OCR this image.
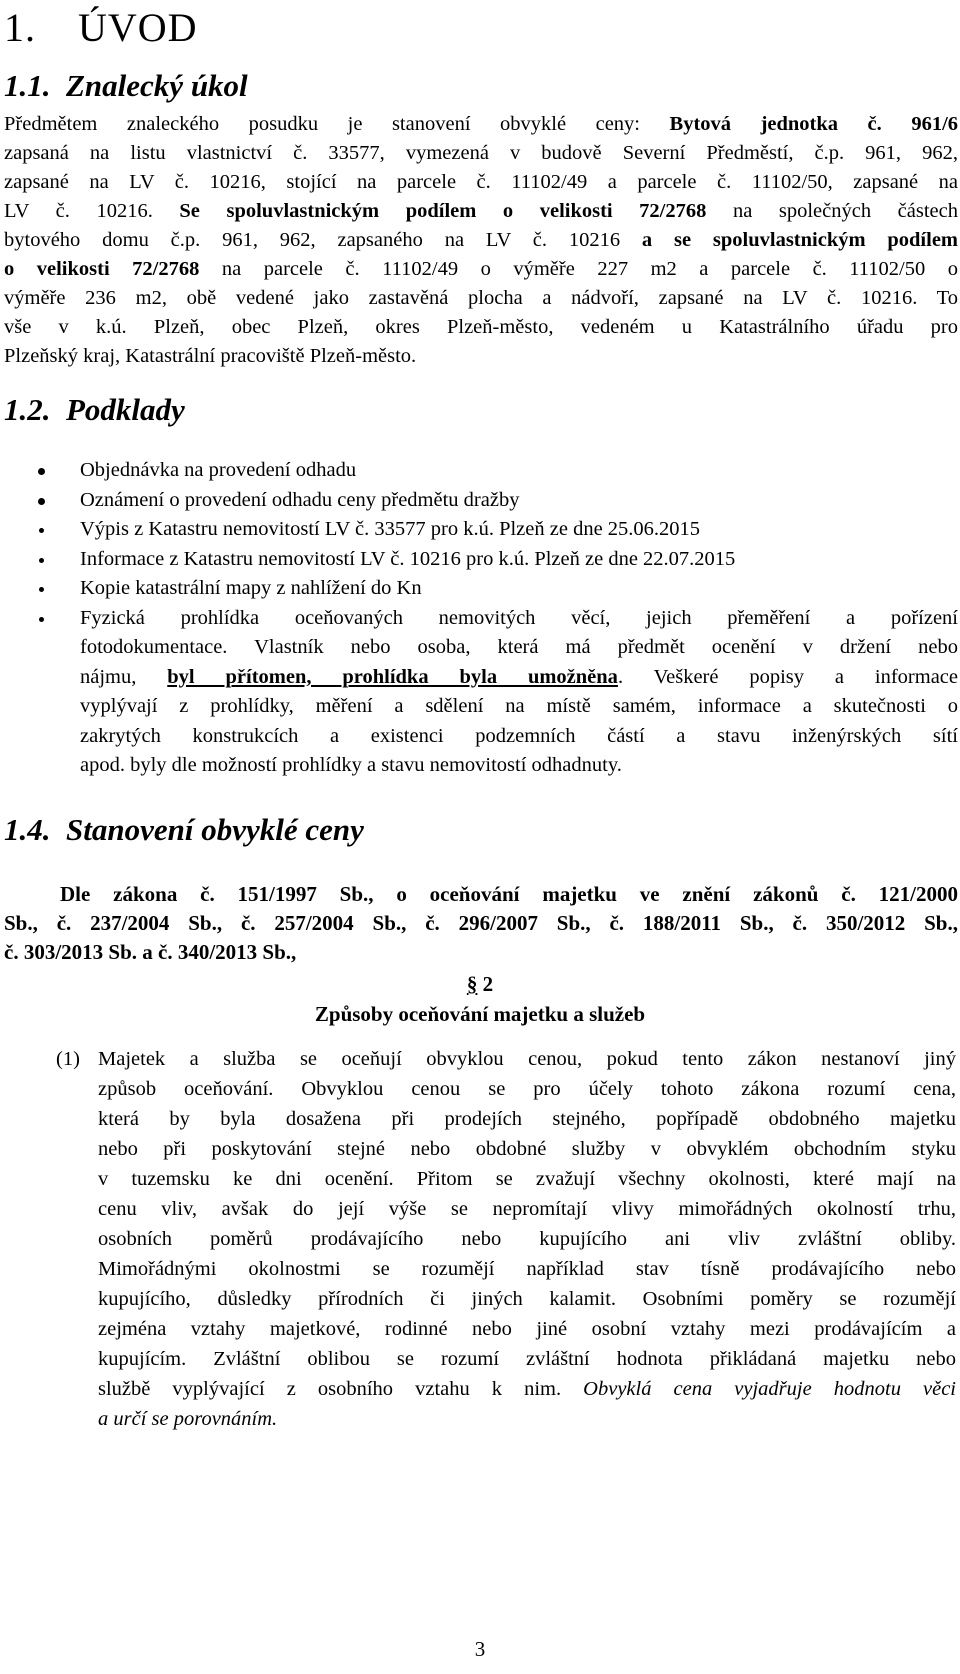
1. ÚVOD
1.1. Znalecký úkol
Předmětem znaleckého posudku je stanovení obvyklé ceny: Bytová jednotka č. 961/6
zapsaná na listu vlastnictví č. 33577, vymezená v budově Severní Předměstí, č.p. 961, 962,
zapsané na LV č. 10216, stojící na parcele č. 11102/49 a parcele č. 11102/50, zapsané na
LV č. 10216. Se spoluvlastnickým podílem o velikosti 72/2768 na společných částech
bytového domu č.p. 961, 962, zapsaného na LV č. 10216 a se spoluvlastnickým podílem
o velikosti 72/2768 na parcele č. 11102/49 o výměře 227 m2 a parcele č. 11102/50 o
výměře 236 m2, obě vedené jako zastavěná plocha a nádvoří, zapsané na LV č. 10216. To
vše v k.ú. Plzeň, obec Plzeň, okres Plzeň-město, vedeném u Katastrálního úřadu pro
Plzeňský kraj, Katastrální pracoviště Plzeň-město.
1.2. Podklady
Objednávka na provedení odhadu
Oznámení o provedení odhadu ceny předmětu dražby
Výpis z Katastru nemovitostí LV č. 33577 pro k.ú. Plzeň ze dne 25.06.2015
Informace z Katastru nemovitostí LV č. 10216 pro k.ú. Plzeň ze dne 22.07.2015
Kopie katastrální mapy z nahlížení do Kn
Fyzická prohlídka oceňovaných nemovitých věcí, jejich přeměření a pořízení
fotodokumentace. Vlastník nebo osoba, která má předmět ocenění v držení nebo
nájmu, byl přítomen, prohlídka byla umožněna. Veškeré popisy a informace
vyplývají z prohlídky, měření a sdělení na místě samém, informace a skutečnosti o
zakrytých konstrukcích a existenci podzemních částí a stavu inženýrských sítí
apod. byly dle možností prohlídky a stavu nemovitostí odhadnuty.
1.4. Stanovení obvyklé ceny
Dle zákona č. 151/1997 Sb., o oceňování majetku ve znění zákonů č. 121/2000
Sb., č. 237/2004 Sb., č. 257/2004 Sb., č. 296/2007 Sb., č. 188/2011 Sb., č. 350/2012 Sb.,
č. 303/2013 Sb. a č. 340/2013 Sb.,
§ 2
Způsoby oceňování majetku a služeb
(1) Majetek a služba se oceňují obvyklou cenou, pokud tento zákon nestanoví jiný
způsob oceňování. Obvyklou cenou se pro účely tohoto zákona rozumí cena,
která by byla dosažena při prodejích stejného, popřípadě obdobného majetku
nebo při poskytování stejné nebo obdobné služby v obvyklém obchodním styku
v tuzemsku ke dni ocenění. Přitom se zvažují všechny okolnosti, které mají na
cenu vliv, avšak do její výše se nepromítají vlivy mimořádných okolností trhu,
osobních poměrů prodávajícího nebo kupujícího ani vliv zvláštní obliby.
Mimořádnými okolnostmi se rozumějí například stav tísně prodávajícího nebo
kupujícího, důsledky přírodních či jiných kalamit. Osobními poměry se rozumějí
zejména vztahy majetkové, rodinné nebo jiné osobní vztahy mezi prodávajícím a
kupujícím. Zvláštní oblibou se rozumí zvláštní hodnota přikládaná majetku nebo
službě vyplývající z osobního vztahu k nim. Obvyklá cena vyjadřuje hodnotu věci
a určí se porovnáním.
3
